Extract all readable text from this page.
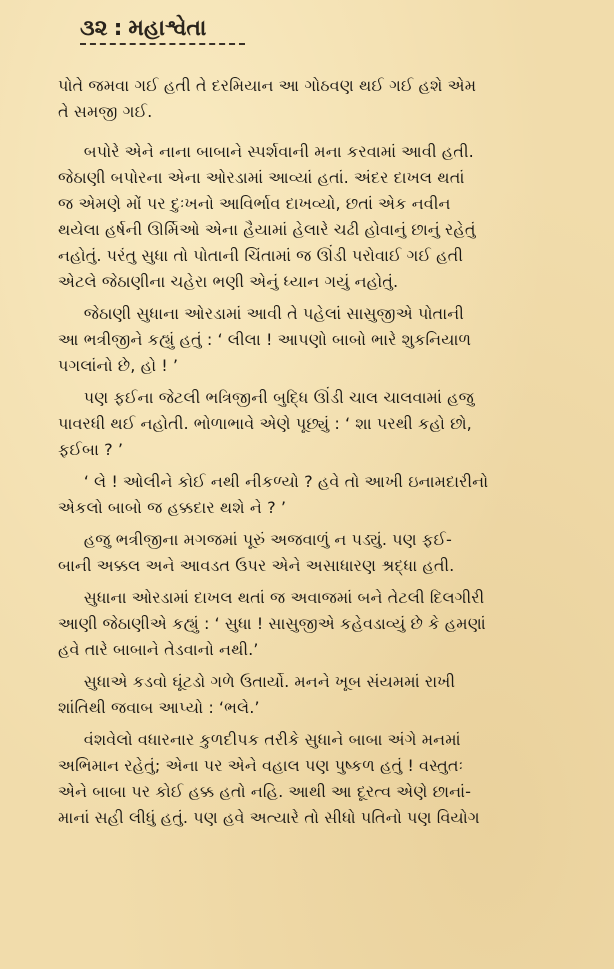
૩૨ : મહાશ્વેતા
પોતે જમવા ગઈ હતી તે દરમિયાન આ ગોઠવણ થઈ ગઈ હશે એમ
તે સમજી ગઈ.
બપોરે એને નાના બાબાને સ્પર્શવાની મના કરવામાં આવી હતી.
જેઠાણી બપોરના એના ઓરડામાં આવ્યાં હતાં. અંદર દાખલ થતાં
જ એમણે મોં પર દુઃખનો આવિર્ભાવ દાખવ્યો, છતાં એક નવીન
થયેલા હર્ષની ઊર્મિઓ એના હૈયામાં હેલારે ચઢી હોવાનું છાનું રહેતું
નહોતું. પરંતુ સુધા તો પોતાની ચિંતામાં જ ઊંડી પરોવાઈ ગઈ હતી
એટલે જેઠાણીના ચહેરા ભણી એનું ધ્યાન ગયું નહોતું.
જેઠાણી સુધાના ઓરડામાં આવી તે પહેલાં સાસુજીએ પોતાની
આ ભત્રીજીને કહ્યું હતું : ‘ લીલા ! આપણો બાબો ભારે શુકનિયાળ
પગલાંનો છે, હો ! ’
પણ ફઈના જેટલી ભત્રિજીની બુદ્ધિ ઊંડી ચાલ ચાલવામાં હજુ
પાવરધી થઈ નહોતી. ભોળાભાવે એણે પૂછ્યું : ‘ શા પરથી કહો છો,
ફઈબા ? ’
‘ લે ! ઓલીને કોઈ નથી નીકળ્યો ? હવે તો આખી ઇનામદારીનો
એકલો બાબો જ હક્કદાર થશે ને ? ’
હજુ ભત્રીજીના મગજમાં પૂરું અજવાળું ન પડ્યું. પણ ફઈ-
બાની અક્કલ અને આવડત ઉપર એને અસાધારણ શ્રદ્ધા હતી.
સુધાના ઓરડામાં દાખલ થતાં જ અવાજમાં બને તેટલી દિલગીરી
આણી જેઠાણીએ કહ્યું : ‘ સુધા ! સાસુજીએ કહેવડાવ્યું છે કે હમણાં
હવે તારે બાબાને તેડવાનો નથી.’
સુધાએ કડવો ઘૂંટડો ગળે ઉતાર્યો. મનને ખૂબ સંયમમાં રાખી
શાંતિથી જવાબ આપ્યો : ‘ભલે.’
વંશવેલો વધારનાર કુળદીપક તરીકે સુધાને બાબા અંગે મનમાં
અભિમાન રહેતું; એના પર એને વહાલ પણ પુષ્કળ હતું ! વસ્તુતઃ
એને બાબા પર કોઈ હક્ક હતો નહિ. આથી આ દૂરત્વ એણે છાનાં-
માનાં સહી લીધું હતું. પણ હવે અત્યારે તો સીધો પતિનો પણ વિયોગ
